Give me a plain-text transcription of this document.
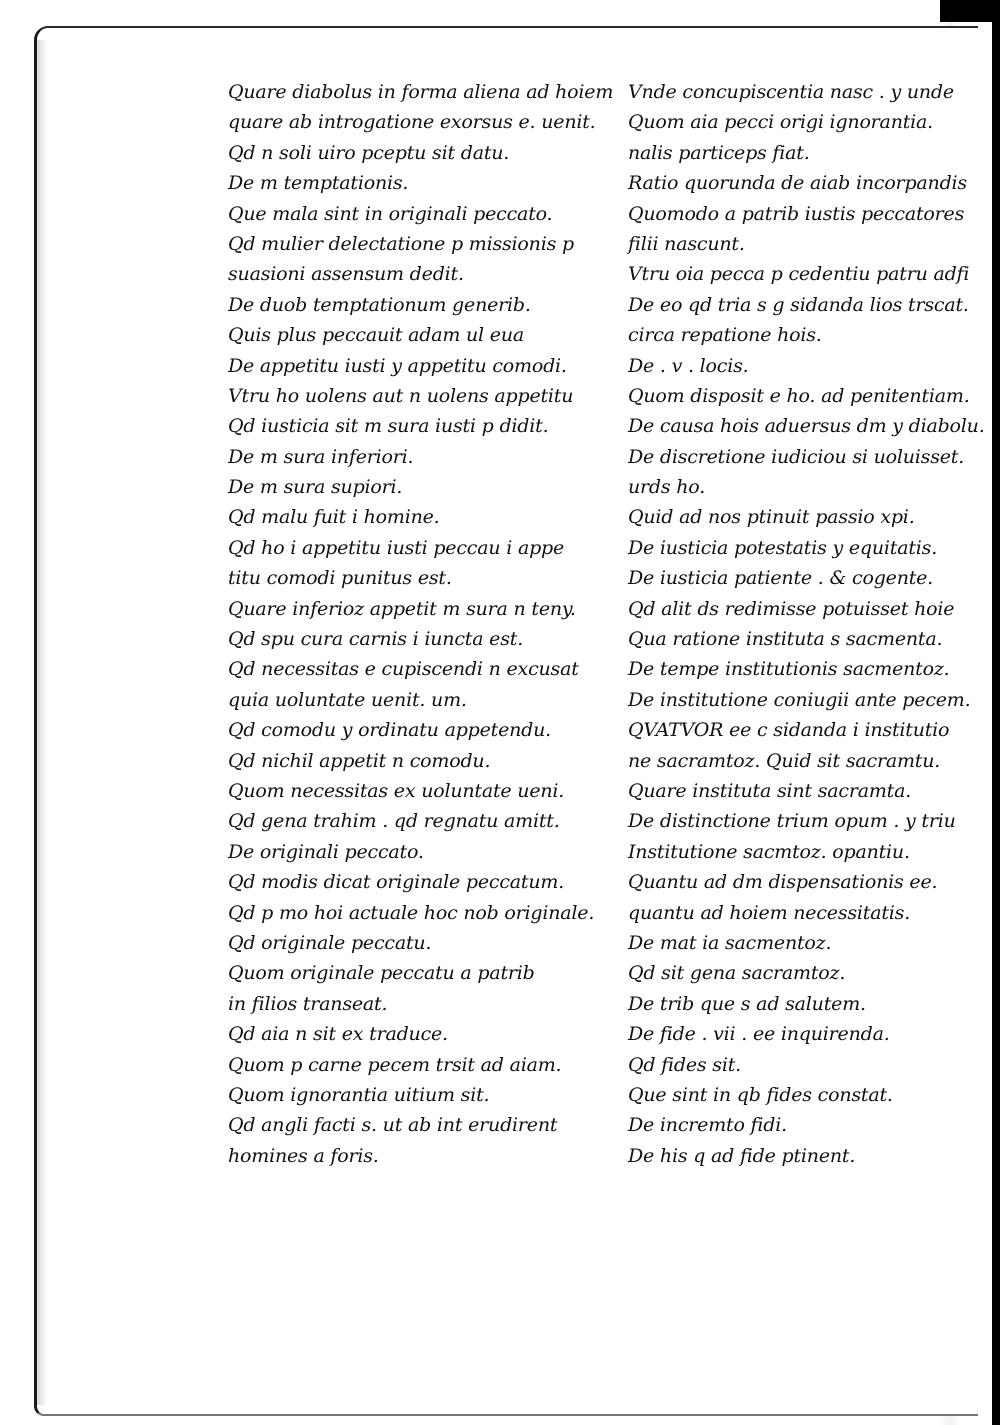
Quare diabolus in forma aliena ad hoiem
quare ab introgatione exorsus e. uenit.
Qd n soli uiro pceptu sit datu.
De m temptationis.
Que mala sint in originali peccato.
Qd mulier delectatione p missionis p
suasioni assensum dedit.
De duob temptationum generib.
Quis plus peccauit adam ul eua
De appetitu iusti y appetitu comodi.
Vtru ho uolens aut n uolens appetitu
Qd iusticia sit m sura iusti p didit.
De m sura inferiori.
De m sura supiori.
Qd malu fuit i homine.
Qd ho i appetitu iusti peccau i appe
titu comodi punitus est.
Quare inferioz appetit m sura n teny.
Qd spu cura carnis i iuncta est.
Qd necessitas e cupiscendi n excusat
quia uoluntate uenit. um.
Qd comodu y ordinatu appetendu.
Qd nichil appetit n comodu.
Quom necessitas ex uoluntate ueni.
Qd gena trahim . qd regnatu amitt.
De originali peccato.
Qd modis dicat originale peccatum.
Qd p mo hoi actuale hoc nob originale.
Qd originale peccatu.
Quom originale peccatu a patrib
in filios transeat.
Qd aia n sit ex traduce.
Quom p carne pecem trsit ad aiam.
Quom ignorantia uitium sit.
Qd angli facti s. ut ab int erudirent
homines a foris.
Vnde concupiscentia nasc . y unde
Quom aia pecci origi ignorantia.
nalis particeps fiat.
Ratio quorunda de aiab incorpandis
Quomodo a patrib iustis peccatores
filii nascunt.
Vtru oia pecca p cedentiu patru adfi
De eo qd tria s g sidanda lios trscat.
circa repatione hois.
De . v . locis.
Quom disposit e ho. ad penitentiam.
De causa hois aduersus dm y diabolu.
De discretione iudiciou si uoluisset.
urds ho.
Quid ad nos ptinuit passio xpi.
De iusticia potestatis y equitatis.
De iusticia patiente . & cogente.
Qd alit ds redimisse potuisset hoie
Qua ratione instituta s sacmenta.
De tempe institutionis sacmentoz.
De institutione coniugii ante pecem.
QVATVOR ee c sidanda i institutio
ne sacramtoz. Quid sit sacramtu.
Quare instituta sint sacramta.
De distinctione trium opum . y triu
Institutione sacmtoz. opantiu.
Quantu ad dm dispensationis ee.
quantu ad hoiem necessitatis.
De mat ia sacmentoz.
Qd sit gena sacramtoz.
De trib que s ad salutem.
De fide . vii . ee inquirenda.
Qd fides sit.
Que sint in qb fides constat.
De incremto fidi.
De his q ad fide ptinent.
